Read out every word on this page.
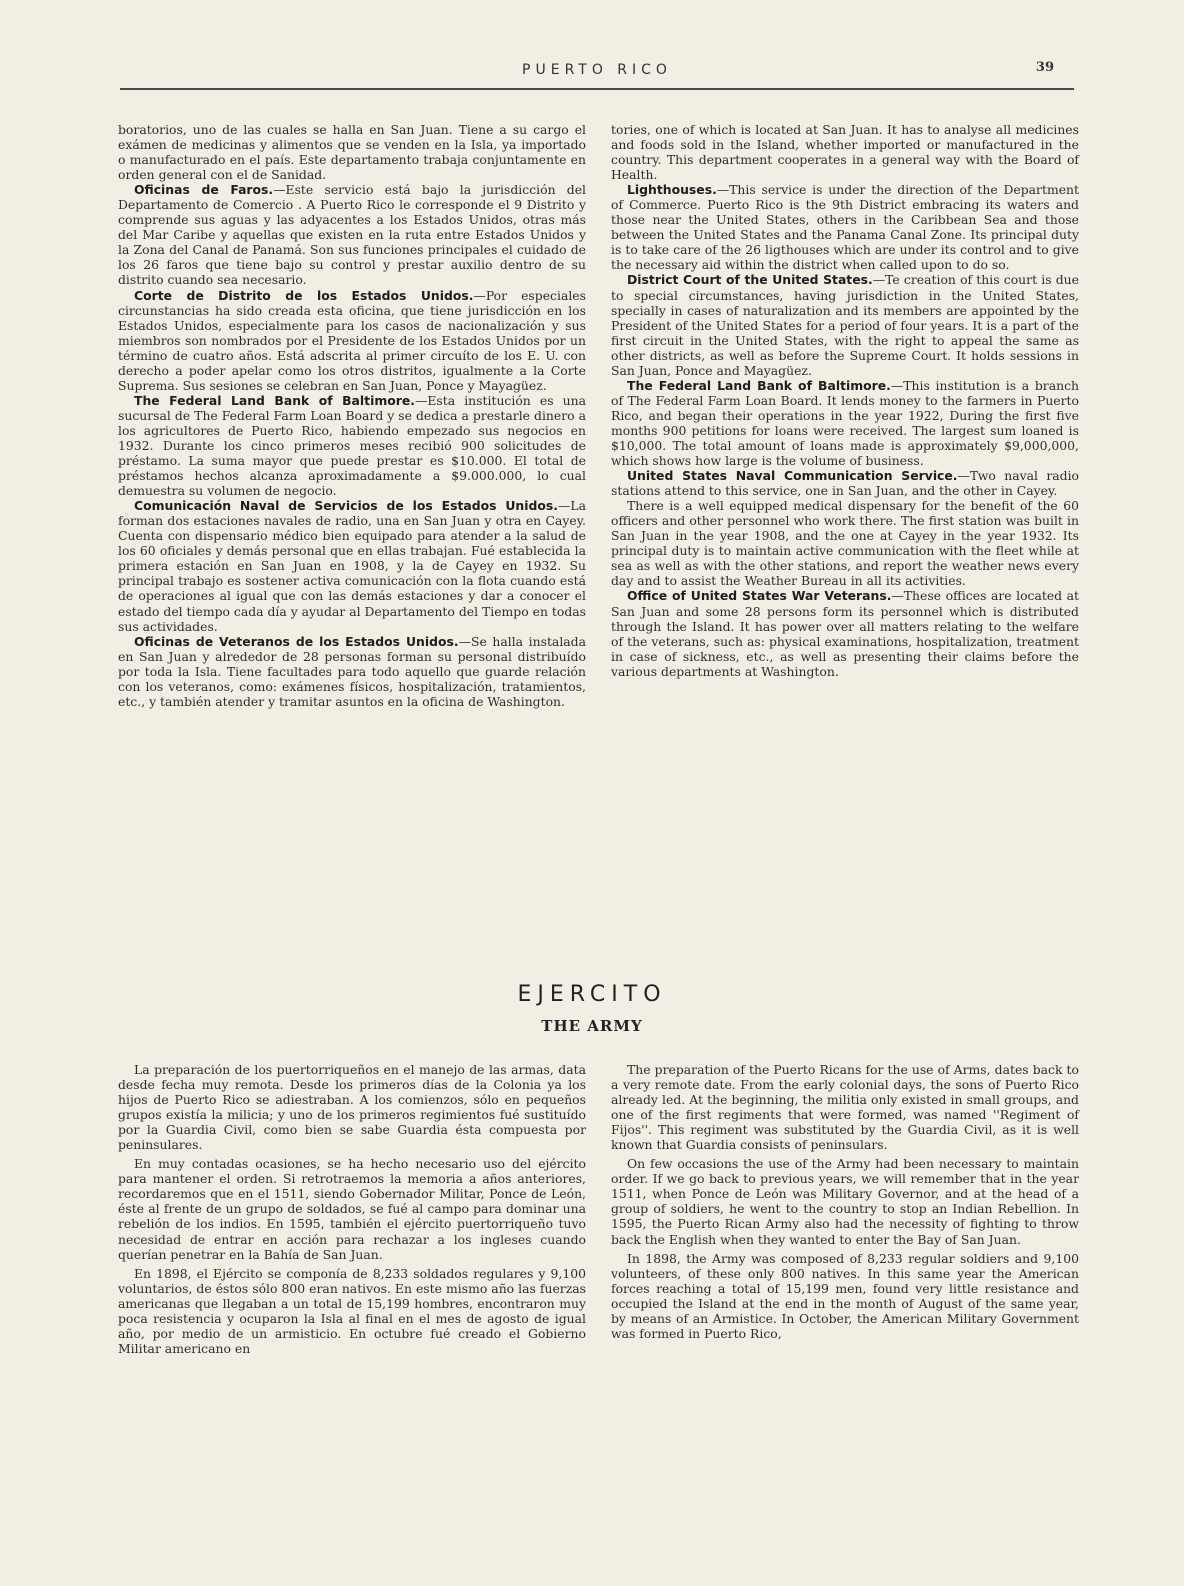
PUERTO RICO	39

boratorios, uno de las cuales se halla en San Juan. Tiene a su cargo el exámen de medicinas y alimentos que se venden en la Isla, ya importado o manufacturado en el país. Este departamento trabaja conjuntamente en orden general con el de Sanidad.

Oficinas de Faros.—Este servicio está bajo la jurisdicción del Departamento de Comercio . A Puerto Rico le corresponde el 9 Distrito y comprende sus aguas y las adyacentes a los Estados Unidos, otras más del Mar Caribe y aquellas que existen en la ruta entre Estados Unidos y la Zona del Canal de Panamá. Son sus funciones principales el cuidado de los 26 faros que tiene bajo su control y prestar auxilio dentro de su distrito cuando sea necesario.

Corte de Distrito de los Estados Unidos.—Por especiales circunstancias ha sido creada esta oficina, que tiene jurisdicción en los Estados Unidos, especialmente para los casos de nacionalización y sus miembros son nombrados por el Presidente de los Estados Unidos por un término de cuatro años. Está adscrita al primer circuíto de los E. U. con derecho a poder apelar como los otros distritos, igualmente a la Corte Suprema. Sus sesiones se celebran en San Juan, Ponce y Mayagüez.

The Federal Land Bank of Baltimore.—Esta institución es una sucursal de The Federal Farm Loan Board y se dedica a prestarle dinero a los agricultores de Puerto Rico, habiendo empezado sus negocios en 1932. Durante los cinco primeros meses recibió 900 solicitudes de préstamo. La suma mayor que puede prestar es $10.000. El total de préstamos hechos alcanza aproximadamente a $9.000.000, lo cual demuestra su volumen de negocio.

Comunicación Naval de Servicios de los Estados Unidos.—La forman dos estaciones navales de radio, una en San Juan y otra en Cayey. Cuenta con dispensario médico bien equipado para atender a la salud de los 60 oficiales y demás personal que en ellas trabajan. Fué establecida la primera estación en San Juan en 1908, y la de Cayey en 1932. Su principal trabajo es sostener activa comunicación con la flota cuando está de operaciones al igual que con las demás estaciones y dar a conocer el estado del tiempo cada día y ayudar al Departamento del Tiempo en todas sus actividades.

Oficinas de Veteranos de los Estados Unidos.—Se halla instalada en San Juan y alrededor de 28 personas forman su personal distribuído por toda la Isla. Tiene facultades para todo aquello que guarde relación con los veteranos, como: exámenes físicos, hospitalización, tratamientos, etc., y también atender y tramitar asuntos en la oficina de Washington.

tories, one of which is located at San Juan. It has to analyse all medicines and foods sold in the Island, whether imported or manufactured in the country. This department cooperates in a general way with the Board of Health.

Lighthouses.—This service is under the direction of the Department of Commerce. Puerto Rico is the 9th District embracing its waters and those near the United States, others in the Caribbean Sea and those between the United States and the Panama Canal Zone. Its principal duty is to take care of the 26 ligthouses which are under its control and to give the necessary aid within the district when called upon to do so.

District Court of the United States.—Te creation of this court is due to special circumstances, having jurisdiction in the United States, specially in cases of naturalization and its members are appointed by the President of the United States for a period of four years. It is a part of the first circuit in the United States, with the right to appeal the same as other districts, as well as before the Supreme Court. It holds sessions in San Juan, Ponce and Mayagüez.

The Federal Land Bank of Baltimore.—This institution is a branch of The Federal Farm Loan Board. It lends money to the farmers in Puerto Rico, and began their operations in the year 1922, During the first five months 900 petitions for loans were received. The largest sum loaned is $10,000. The total amount of loans made is approximately $9,000,000, which shows how large is the volume of business.

United States Naval Communication Service.—Two naval radio stations attend to this service, one in San Juan, and the other in Cayey.

There is a well equipped medical dispensary for the benefit of the 60 officers and other personnel who work there. The first station was built in San Juan in the year 1908, and the one at Cayey in the year 1932. Its principal duty is to maintain active communication with the fleet while at sea as well as with the other stations, and report the weather news every day and to assist the Weather Bureau in all its activities.

Office of United States War Veterans.—These offices are located at San Juan and some 28 persons form its personnel which is distributed through the Island. It has power over all matters relating to the welfare of the veterans, such as: physical examinations, hospitalization, treatment in case of sickness, etc., as well as presenting their claims before the various departments at Washington.

EJERCITO
THE ARMY

La preparación de los puertorriqueños en el manejo de las armas, data desde fecha muy remota. Desde los primeros días de la Colonia ya los hijos de Puerto Rico se adiestraban. A los comienzos, sólo en pequeños grupos existía la milicia; y uno de los primeros regimientos fué sustituído por la Guardia Civil, como bien se sabe Guardia ésta compuesta por peninsulares.

En muy contadas ocasiones, se ha hecho necesario uso del ejército para mantener el orden. Si retrotraemos la memoria a años anteriores, recordaremos que en el 1511, siendo Gobernador Militar, Ponce de León, éste al frente de un grupo de soldados, se fué al campo para dominar una rebelión de los indios. En 1595, también el ejército puertorriqueño tuvo necesidad de entrar en acción para rechazar a los ingleses cuando querían penetrar en la Bahía de San Juan.

En 1898, el Ejército se componía de 8,233 soldados regulares y 9,100 voluntarios, de éstos sólo 800 eran nativos. En este mismo año las fuerzas americanas que llegaban a un total de 15,199 hombres, encontraron muy poca resistencia y ocuparon la Isla al final en el mes de agosto de igual año, por medio de un armisticio. En octubre fué creado el Gobierno Militar americano en

The preparation of the Puerto Ricans for the use of Arms, dates back to a very remote date. From the early colonial days, the sons of Puerto Rico already led. At the beginning, the militia only existed in small groups, and one of the first regiments that were formed, was named ''Regiment of Fijos''. This regiment was substituted by the Guardia Civil, as it is well known that Guardia consists of peninsulars.

On few occasions the use of the Army had been necessary to maintain order. If we go back to previous years, we will remember that in the year 1511, when Ponce de León was Military Governor, and at the head of a group of soldiers, he went to the country to stop an Indian Rebellion. In 1595, the Puerto Rican Army also had the necessity of fighting to throw back the English when they wanted to enter the Bay of San Juan.

In 1898, the Army was composed of 8,233 regular soldiers and 9,100 volunteers, of these only 800 natives. In this same year the American forces reaching a total of 15,199 men, found very little resistance and occupied the Island at the end in the month of August of the same year, by means of an Armistice. In October, the American Military Government was formed in Puerto Rico,
